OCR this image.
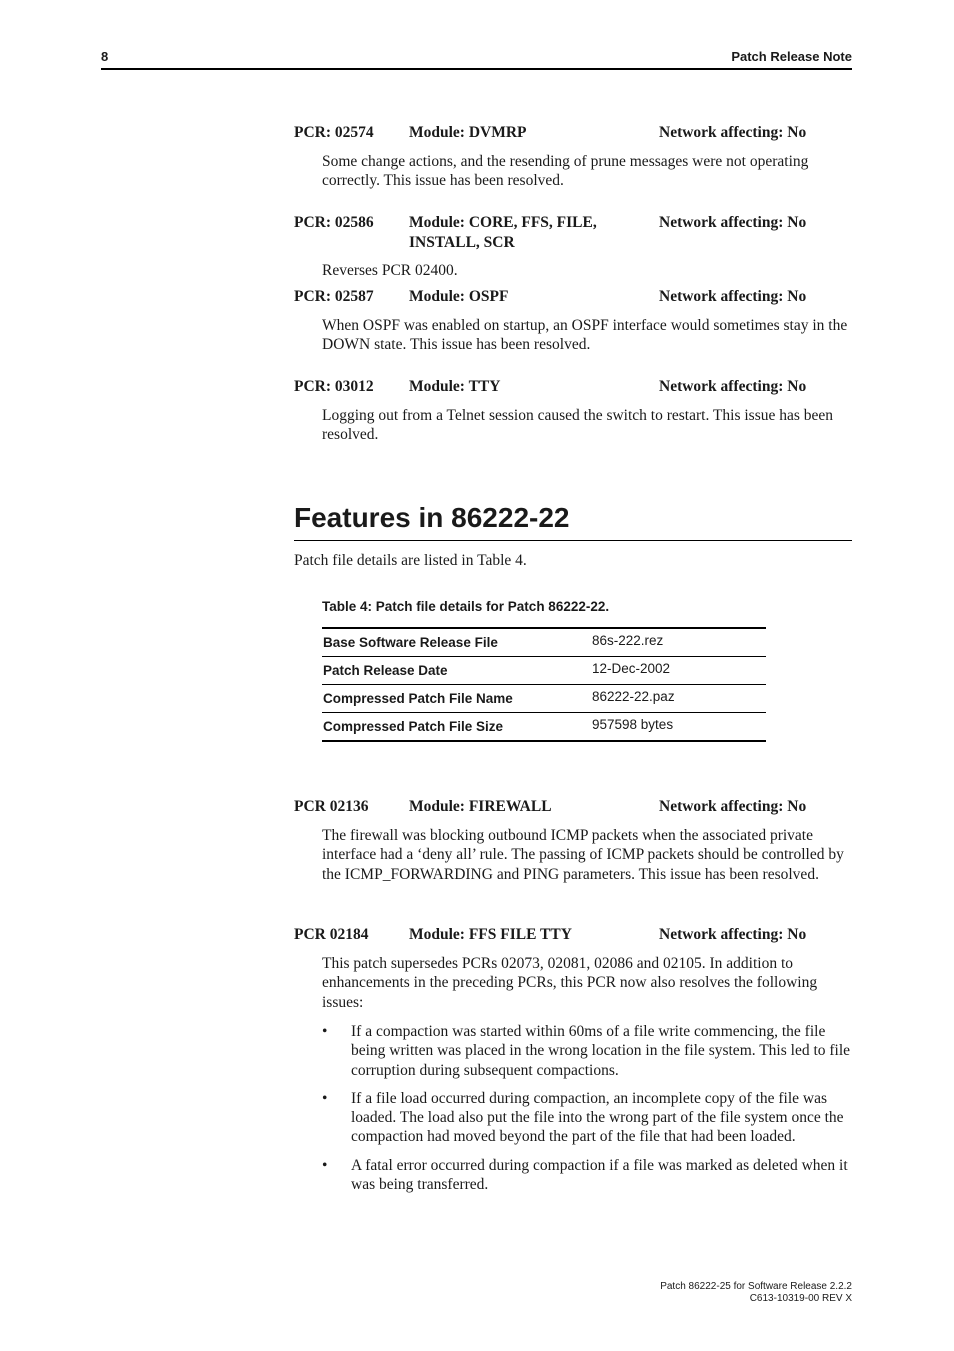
8	Patch Release Note
PCR: 02574 Module: DVMRP	Network affecting: No
Some change actions, and the resending of prune messages were not operating correctly. This issue has been resolved.
PCR: 02586 Module: CORE, FFS, FILE, INSTALL, SCR
Network affecting: No
Reverses PCR 02400.
PCR: 02587 Module: OSPF	Network affecting: No
When OSPF was enabled on startup, an OSPF interface would sometimes stay in the DOWN state. This issue has been resolved.
PCR: 03012 Module: TTY	Network affecting: No
Logging out from a Telnet session caused the switch to restart. This issue has been resolved.
Features in 86222-22
Patch file details are listed in Table 4.
Table 4: Patch file details for Patch 86222-22.
Base Software Release File	86s-222.rez
Patch Release Date	12-Dec-2002
Compressed Patch File Name	86222-22.paz
Compressed Patch File Size	957598 bytes
PCR 02136	Module: FIREWALL	Network affecting: No
The firewall was blocking outbound ICMP packets when the associated private interface had a ‘deny all’ rule. The passing of ICMP packets should be controlled by the ICMP_FORWARDING and PING parameters. This issue has been resolved.
PCR 02184	Module: FFS FILE TTY	Network affecting: No
This patch supersedes PCRs 02073, 02081, 02086 and 02105. In addition to enhancements in the preceding PCRs, this PCR now also resolves the following issues:
• If a compaction was started within 60ms of a file write commencing, the file being written was placed in the wrong location in the file system. This led to file corruption during subsequent compactions.
• If a file load occurred during compaction, an incomplete copy of the file was loaded. The load also put the file into the wrong part of the file system once the compaction had moved beyond the part of the file that had been loaded.
• A fatal error occurred during compaction if a file was marked as deleted when it was being transferred.
Patch 86222-25 for Software Release 2.2.2
C613-10319-00 REV X
